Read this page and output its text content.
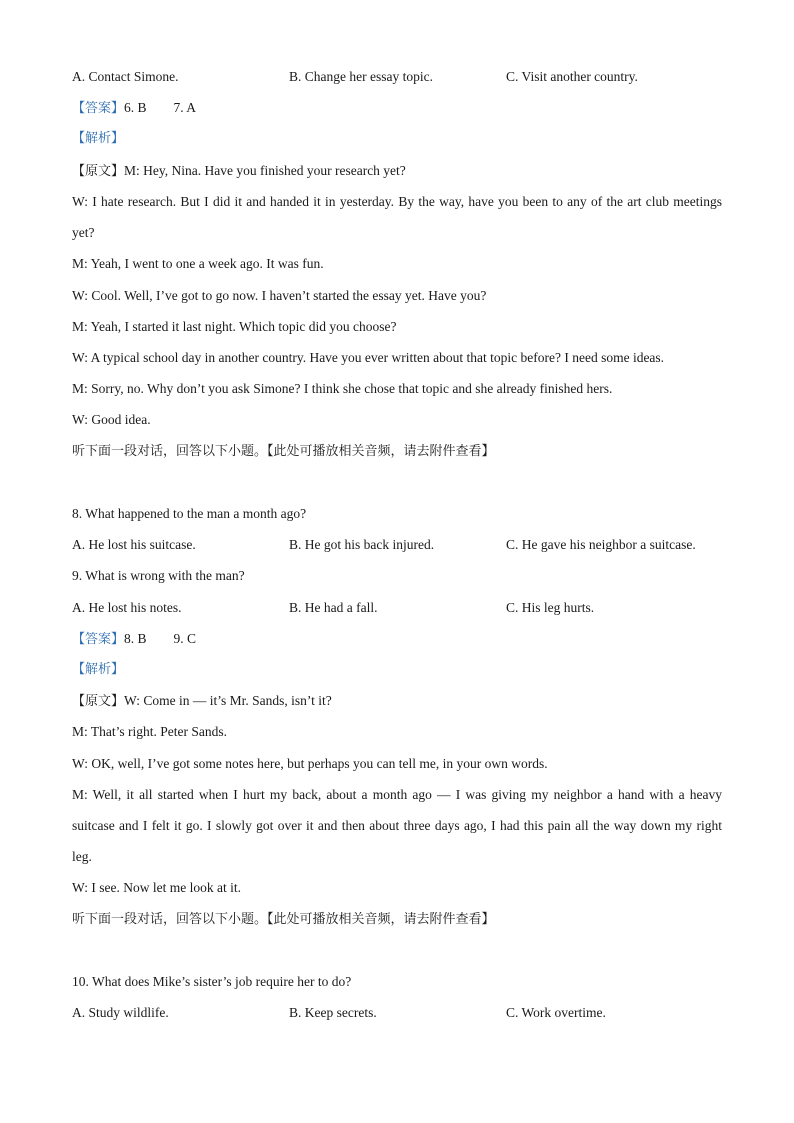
A. Contact Simone.	B. Change her essay topic.	C. Visit another country.
【答案】6. B        7. A
【解析】
【原文】M: Hey, Nina. Have you finished your research yet?
W: I hate research. But I did it and handed it in yesterday. By the way, have you been to any of the art club meetings
yet?
M: Yeah, I went to one a week ago. It was fun.
W: Cool. Well, I’ve got to go now. I haven’t started the essay yet. Have you?
M: Yeah, I started it last night. Which topic did you choose?
W: A typical school day in another country. Have you ever written about that topic before? I need some ideas.
M: Sorry, no. Why don’t you ask Simone? I think she chose that topic and she already finished hers.
W: Good idea.
听下面一段对话，回答以下小题。【此处可播放相关音频，请去附件查看】
8. What happened to the man a month ago?
A. He lost his suitcase.	B. He got his back injured.	C. He gave his neighbor a suitcase.
9. What is wrong with the man?
A. He lost his notes.	B. He had a fall.	C. His leg hurts.
【答案】8. B        9. C
【解析】
【原文】W: Come in — it’s Mr. Sands, isn’t it?
M: That’s right. Peter Sands.
W: OK, well, I’ve got some notes here, but perhaps you can tell me, in your own words.
M: Well, it all started when I hurt my back, about a month ago — I was giving my neighbor a hand with a heavy
suitcase and I felt it go. I slowly got over it and then about three days ago, I had this pain all the way down my right
leg.
W: I see. Now let me look at it.
听下面一段对话，回答以下小题。【此处可播放相关音频，请去附件查看】
10. What does Mike’s sister’s job require her to do?
A. Study wildlife.	B. Keep secrets.	C. Work overtime.
